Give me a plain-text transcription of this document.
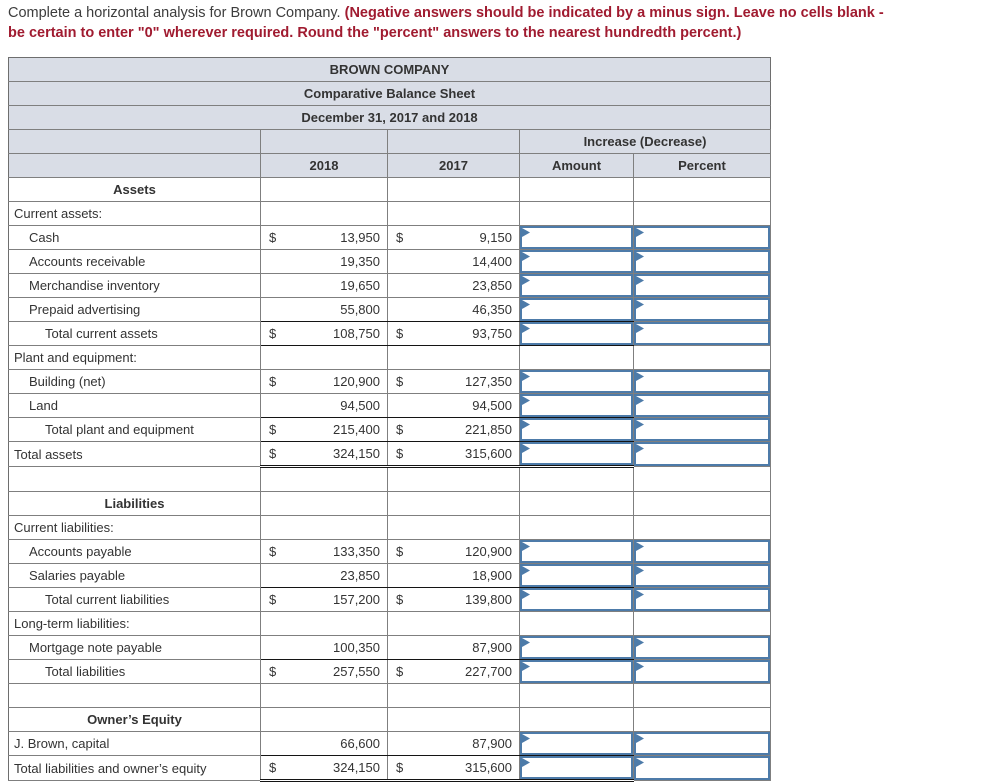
Complete a horizontal analysis for Brown Company. (Negative answers should be indicated by a minus sign. Leave no cells blank -
be certain to enter "0" wherever required. Round the "percent" answers to the nearest hundredth percent.)
BROWN COMPANY				
Comparative Balance Sheet				
December 31, 2017 and 2018				
			Increase (Decrease)	
	2018	2017	Amount	Percent
Assets				
Current assets:				
Cash	$ 13,950	$ 9,150		

Accounts receivable	19,350	14,400		

Merchandise inventory	19,650	23,850		

Prepaid advertising	55,800	46,350		

Total current assets	$ 108,750	$ 93,750		

Plant and equipment:				
Building (net)	$ 120,900	$ 127,350		

Land	94,500	94,500		

Total plant and equipment	$ 215,400	$ 221,850		

Total assets	$ 324,150	$ 315,600		

Liabilities				
Current liabilities:				
Accounts payable	$ 133,350	$ 120,900		

Salaries payable	23,850	18,900		

Total current liabilities	$ 157,200	$ 139,800		

Long-term liabilities:				
Mortgage note payable	100,350	87,900		

Total liabilities	$ 257,550	$ 227,700		

Owner’s Equity				
J. Brown, capital	66,600	87,900		

Total liabilities and owner’s equity	$ 324,150	$ 315,600		
